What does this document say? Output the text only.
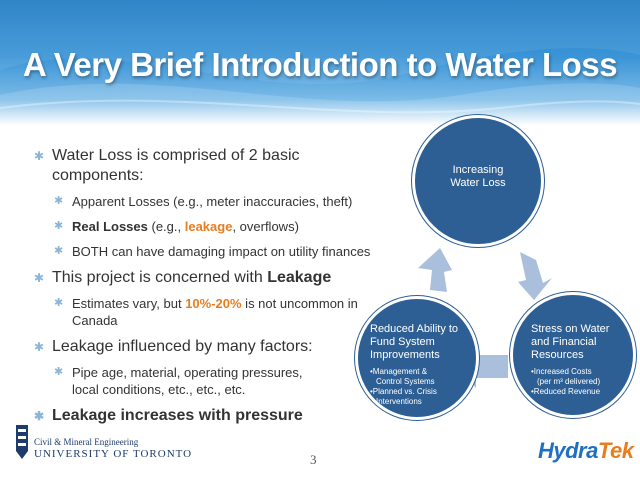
A Very Brief Introduction to Water Loss
✱ Water Loss is comprised of 2 basic components:
✱ Apparent Losses (e.g., meter inaccuracies, theft)
✱ Real Losses (e.g., leakage, overflows)
✱ BOTH can have damaging impact on utility finances
✱ This project is concerned with Leakage
✱ Estimates vary, but 10%-20% is not uncommon in Canada
✱ Leakage influenced by many factors:
✱ Pipe age, material, operating pressures,
local conditions, etc., etc., etc.
✱ Leakage increases with pressure
Increasing
Water Loss
Stress on Water
and Financial
Resources
•Increased Costs
(per m³ delivered)
•Reduced Revenue
Reduced Ability to
Fund System
Improvements
•Management &
Control Systems
•Planned vs. Crisis
Interventions
Civil & Mineral Engineering
UNIVERSITY OF TORONTO	3	HydraTek
